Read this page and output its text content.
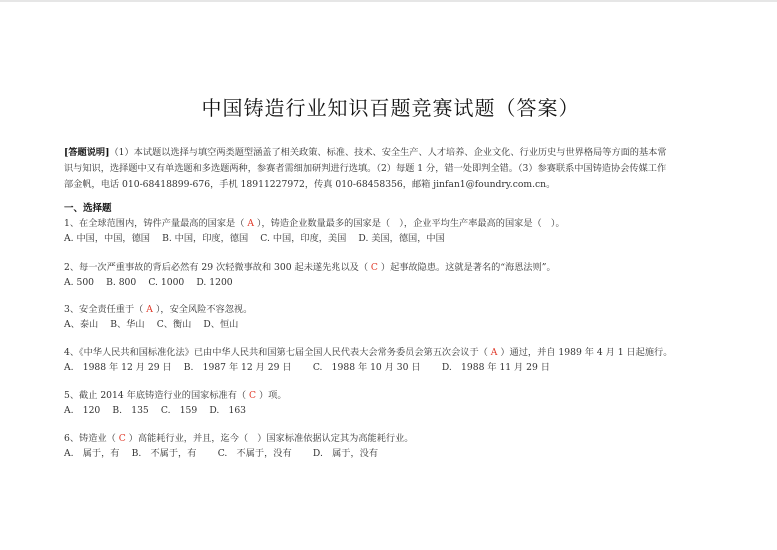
中国铸造行业知识百题竞赛试题（答案）
[答题说明]（1）本试题以选择与填空两类题型涵盖了相关政策、标准、技术、安全生产、人才培养、企业文化、行业历史与世界格局等方面的基本常
识与知识，选择题中又有单选题和多选题两种，参赛者需细加研判进行选填。（2）每题 1 分，错一处即判全错。（3）参赛联系中国铸造协会传媒工作
部金帆，电话 010-68418899-676，手机 18911227972，传真 010-68458356，邮箱 jinfan1@foundry.com.cn。
一、选择题
1、在全球范围内，铸件产量最高的国家是（ A ），铸造企业数量最多的国家是（　），企业平均生产率最高的国家是（　）。
A. 中国，中国，德国　 B. 中国，印度，德国　 C. 中国，印度，美国　 D. 美国，德国，中国
2、每一次严重事故的背后必然有 29 次轻微事故和 300 起未遂先兆以及（ C ）起事故隐患。这就是著名的“海恩法则”。
A. 500　 B. 800　 C. 1000　 D. 1200
3、安全责任重于（ A ），安全风险不容忽视。
A、泰山　 B、华山　 C、衡山　 D、恒山
4、《中华人民共和国标准化法》已由中华人民共和国第七届全国人民代表大会常务委员会第五次会议于（ A ）通过，并自 1989 年 4 月 1 日起施行。
A.　1988 年 12 月 29 日　 B.　1987 年 12 月 29 日　　 C.　1988 年 10 月 30 日　　 D.　1988 年 11 月 29 日
5、截止 2014 年底铸造行业的国家标准有（ C ）项。
A.　120　 B.　135　 C.　159　 D.　163
6、铸造业（ C ）高能耗行业，并且，迄今（　）国家标准依据认定其为高能耗行业。
A.　属于，有　 B.　不属于，有　　 C.　不属于，没有　　 D.　属于，没有
